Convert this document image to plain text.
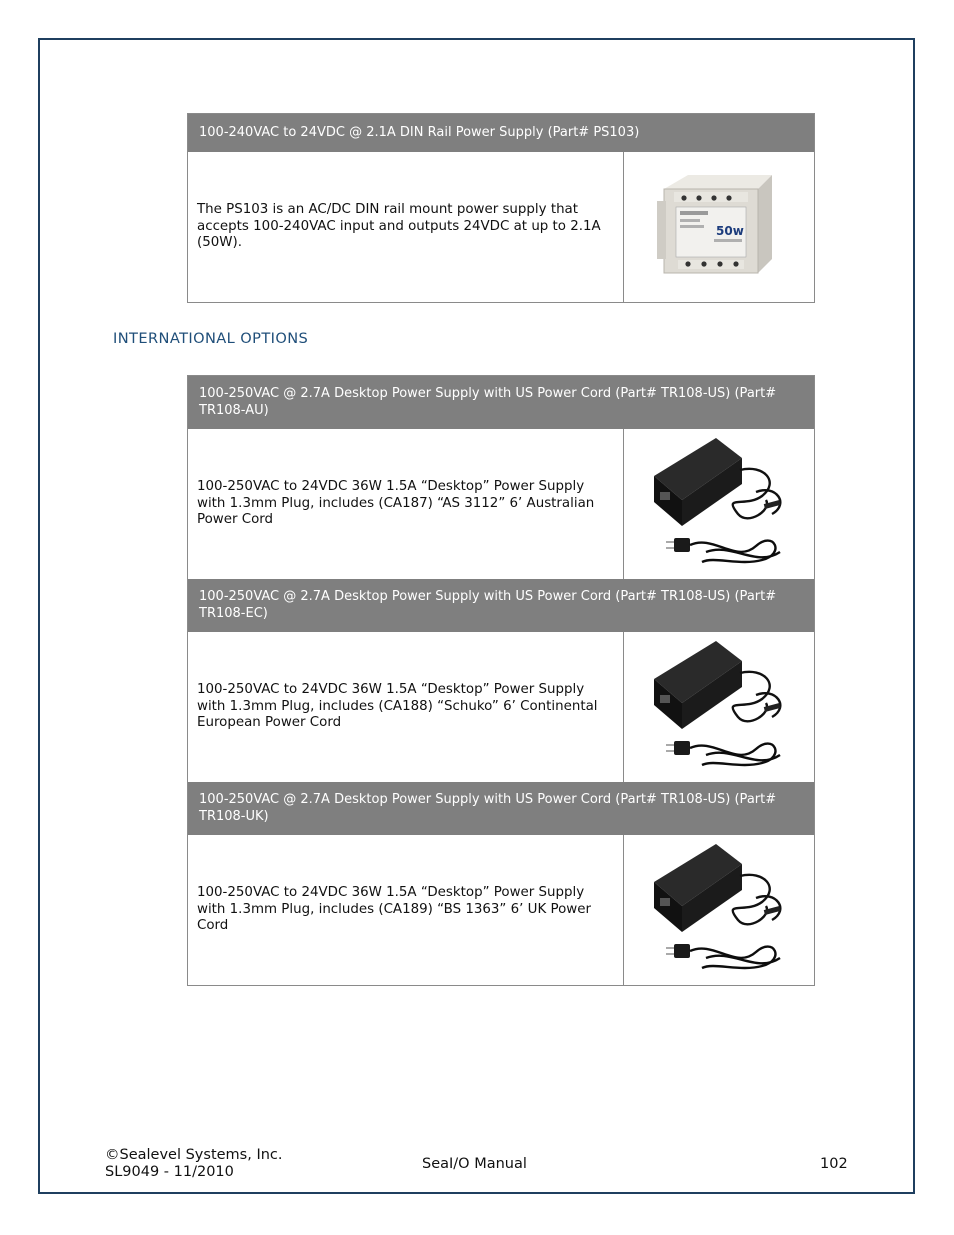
100-240VAC to 24VDC @ 2.1A DIN Rail Power Supply (Part# PS103)
The PS103 is an AC/DC DIN rail mount power supply that accepts 100-240VAC input and outputs 24VDC at up to 2.1A (50W).
50w
INTERNATIONAL OPTIONS
100-250VAC @ 2.7A Desktop Power Supply with US Power Cord (Part# TR108-US) (Part# TR108-AU)
100-250VAC to 24VDC 36W 1.5A “Desktop” Power Supply with 1.3mm Plug, includes (CA187) “AS 3112” 6’ Australian Power Cord
100-250VAC @ 2.7A Desktop Power Supply with US Power Cord (Part# TR108-US) (Part# TR108-EC)
100-250VAC to 24VDC 36W 1.5A “Desktop” Power Supply with 1.3mm Plug, includes (CA188) “Schuko” 6’ Continental European Power Cord
100-250VAC @ 2.7A Desktop Power Supply with US Power Cord (Part# TR108-US) (Part# TR108-UK)
100-250VAC to 24VDC 36W 1.5A “Desktop” Power Supply with 1.3mm Plug, includes (CA189) “BS 1363” 6’ UK Power Cord
©Sealevel Systems, Inc.
SL9049 - 11/2010	SeaI/O Manual	102
